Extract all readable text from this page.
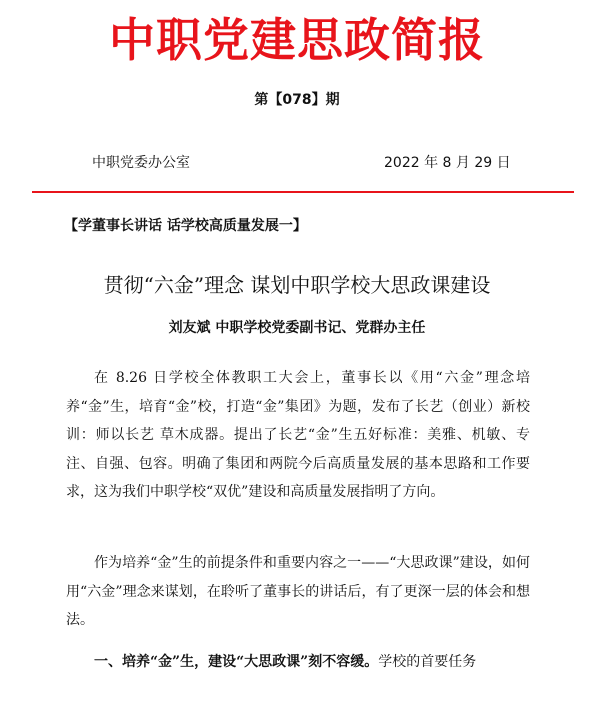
中职党建思政简报
第【078】期
中职党委办公室	2022 年 8 月 29 日
【学董事长讲话 话学校高质量发展一】
贯彻“六金”理念 谋划中职学校大思政课建设
刘友斌 中职学校党委副书记、党群办主任

在 8.26 日学校全体教职工大会上，董事长以《用“六金”理念培养“金”生，培育“金”校，打造“金”集团》为题，发布了长艺（创业）新校训：师以长艺 草木成器。提出了长艺“金”生五好标准：美雅、机敏、专注、自强、包容。明确了集团和两院今后高质量发展的基本思路和工作要求，这为我们中职学校“双优”建设和高质量发展指明了方向。

作为培养“金”生的前提条件和重要内容之一——“大思政课”建设，如何用“六金”理念来谋划，在聆听了董事长的讲话后，有了更深一层的体会和想法。

一、培养“金”生，建设“大思政课”刻不容缓。学校的首要任务
